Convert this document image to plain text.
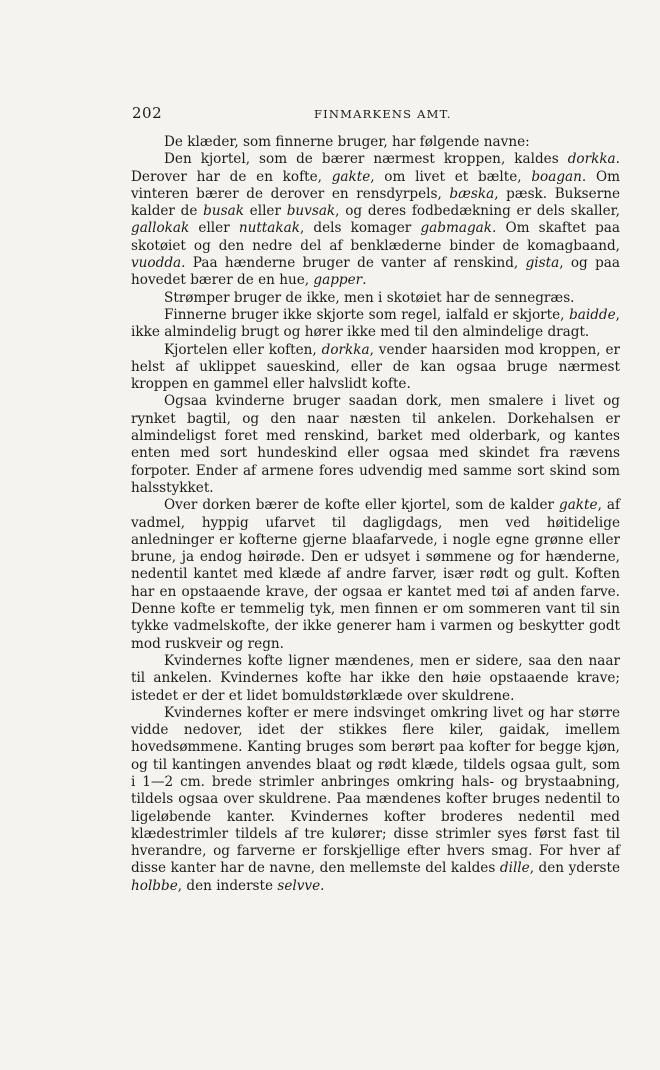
202	FINMARKENS AMT.

De klæder, som finnerne bruger, har følgende navne:

Den kjortel, som de bærer nærmest kroppen, kaldes dorkka. Derover har de en kofte, gakte, om livet et bælte, boagan. Om vinteren bærer de derover en rensdyrpels, bæska, pæsk. Bukserne kalder de busak eller buvsak, og deres fodbedækning er dels skaller, gallokak eller nuttakak, dels komager gabmagak. Om skaftet paa skotøiet og den nedre del af benklæderne binder de komagbaand, vuodda. Paa hænderne bruger de vanter af renskind, gista, og paa hovedet bærer de en hue, gapper.

Strømper bruger de ikke, men i skotøiet har de sennegræs.

Finnerne bruger ikke skjorte som regel, ialfald er skjorte, baidde, ikke almindelig brugt og hører ikke med til den almindelige dragt.

Kjortelen eller koften, dorkka, vender haarsiden mod kroppen, er helst af uklippet saueskind, eller de kan ogsaa bruge nærmest kroppen en gammel eller halvslidt kofte.

Ogsaa kvinderne bruger saadan dork, men smalere i livet og rynket bagtil, og den naar næsten til ankelen. Dorkehalsen er almindeligst foret med renskind, barket med olderbark, og kantes enten med sort hundeskind eller ogsaa med skindet fra rævens forpoter. Ender af armene fores udvendig med samme sort skind som halsstykket.

Over dorken bærer de kofte eller kjortel, som de kalder gakte, af vadmel, hyppig ufarvet til dagligdags, men ved høitidelige anledninger er kofterne gjerne blaafarvede, i nogle egne grønne eller brune, ja endog høirøde. Den er udsyet i sømmene og for hænderne, nedentil kantet med klæde af andre farver, især rødt og gult. Koften har en opstaaende krave, der ogsaa er kantet med tøi af anden farve. Denne kofte er temmelig tyk, men finnen er om sommeren vant til sin tykke vadmelskofte, der ikke generer ham i varmen og beskytter godt mod ruskveir og regn.

Kvindernes kofte ligner mændenes, men er sidere, saa den naar til ankelen. Kvindernes kofte har ikke den høie opstaaende krave; istedet er der et lidet bomuldstørklæde over skuldrene.

Kvindernes kofter er mere indsvinget omkring livet og har større vidde nedover, idet der stikkes flere kiler, gaidak, imellem hovedsømmene. Kanting bruges som berørt paa kofter for begge kjøn, og til kantingen anvendes blaat og rødt klæde, tildels ogsaa gult, som i 1—2 cm. brede strimler anbringes omkring hals- og brystaabning, tildels ogsaa over skuldrene. Paa mændenes kofter bruges nedentil to ligeløbende kanter. Kvindernes kofter broderes nedentil med klædestrimler tildels af tre kulører; disse strimler syes først fast til hverandre, og farverne er forskjellige efter hvers smag. For hver af disse kanter har de navne, den mellemste del kaldes dille, den yderste holbbe, den inderste selvve.
